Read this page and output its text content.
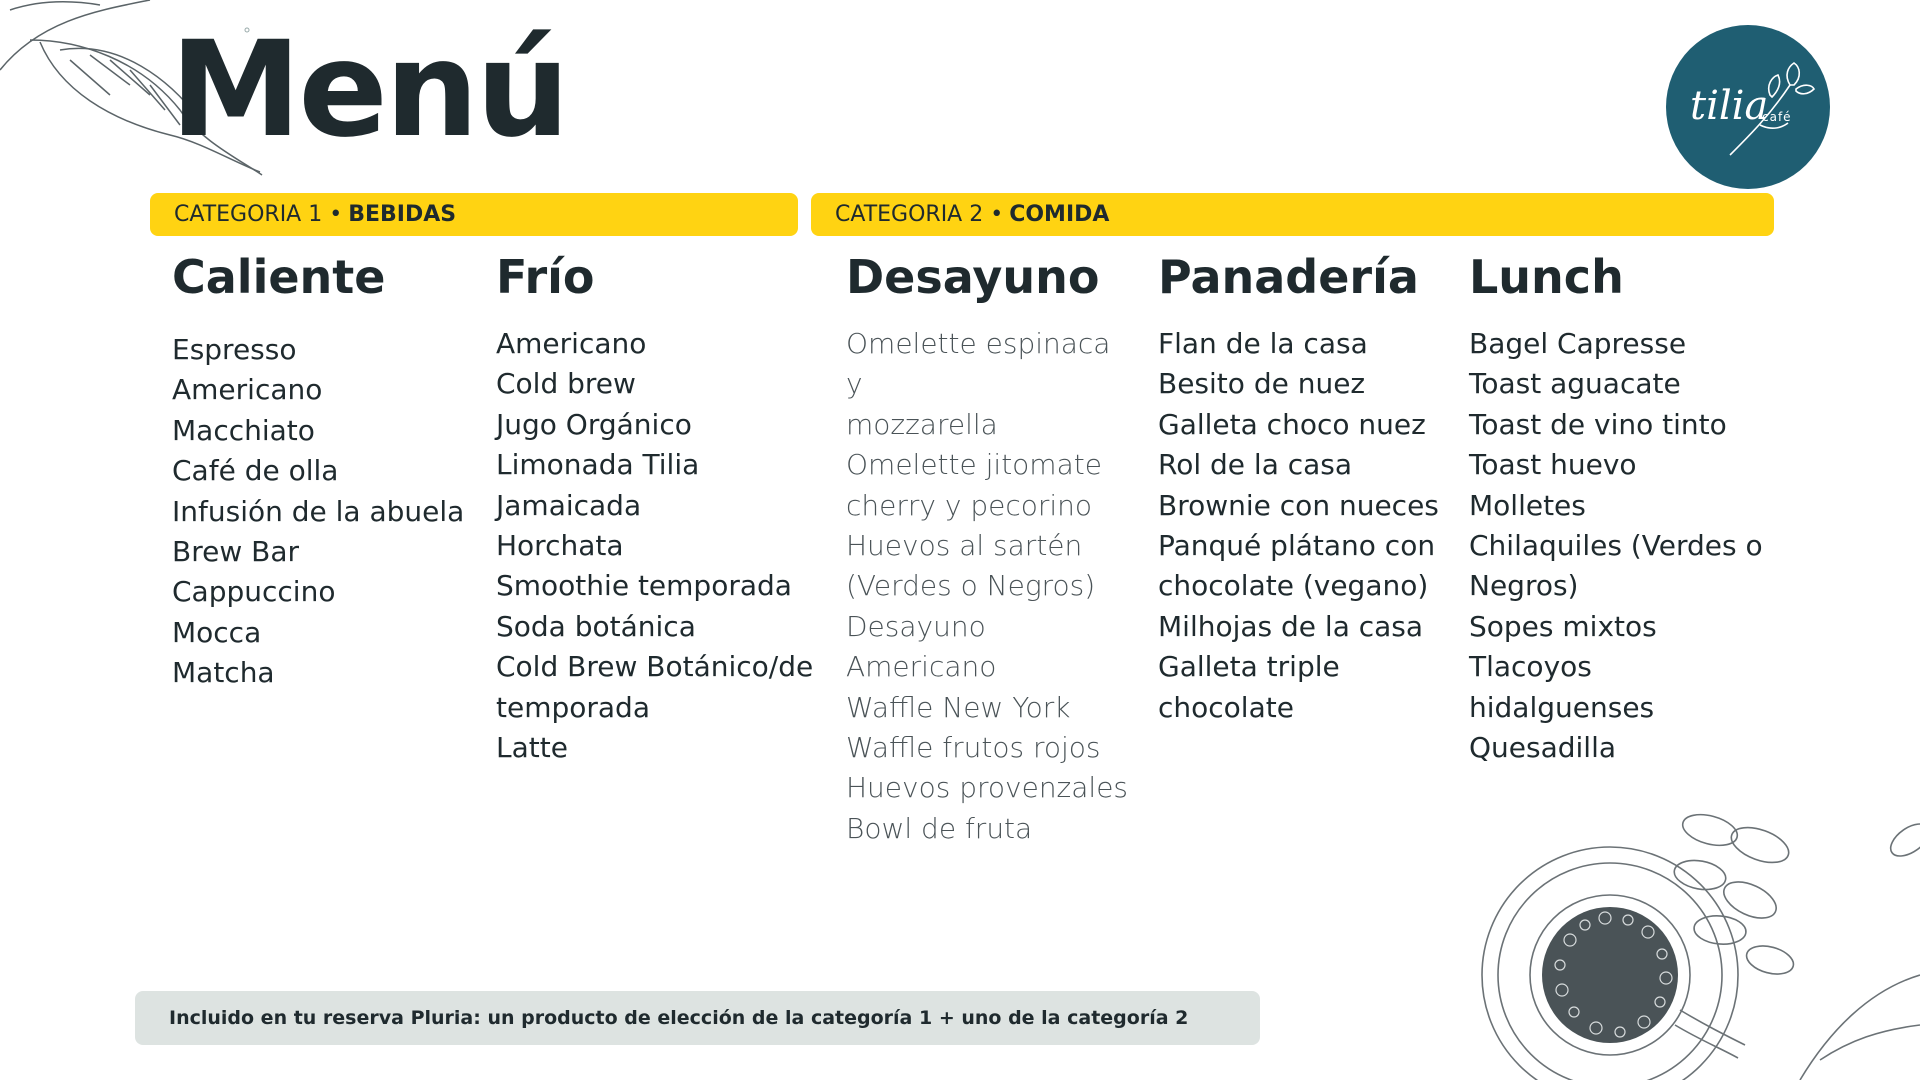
Menú	tilia
café
CATEGORIA 1 • BEBIDAS	CATEGORIA 2 • COMIDA
Caliente
Espresso
Americano
Macchiato
Café de olla
Infusión de la abuela
Brew Bar
Cappuccino
Mocca
Matcha
Frío
Americano
Cold brew
Jugo Orgánico
Limonada Tilia
Jamaicada
Horchata
Smoothie temporada
Soda botánica
Cold Brew Botánico/de
temporada
Latte
Desayuno
Omelette espinaca y
mozzarella
Omelette jitomate
cherry y pecorino
Huevos al sartén
(Verdes o Negros)
Desayuno
Americano
Waffle New York
Waffle frutos rojos
Huevos provenzales
Bowl de fruta
Panadería
Flan de la casa
Besito de nuez
Galleta choco nuez
Rol de la casa
Brownie con nueces
Panqué plátano con
chocolate (vegano)
Milhojas de la casa
Galleta triple
chocolate
Lunch
Bagel Capresse
Toast aguacate
Toast de vino tinto
Toast huevo
Molletes
Chilaquiles (Verdes o
Negros)
Sopes mixtos
Tlacoyos
hidalguenses
Quesadilla
Incluido en tu reserva Pluria: un producto de elección de la categoría 1 + uno de la categoría 2
